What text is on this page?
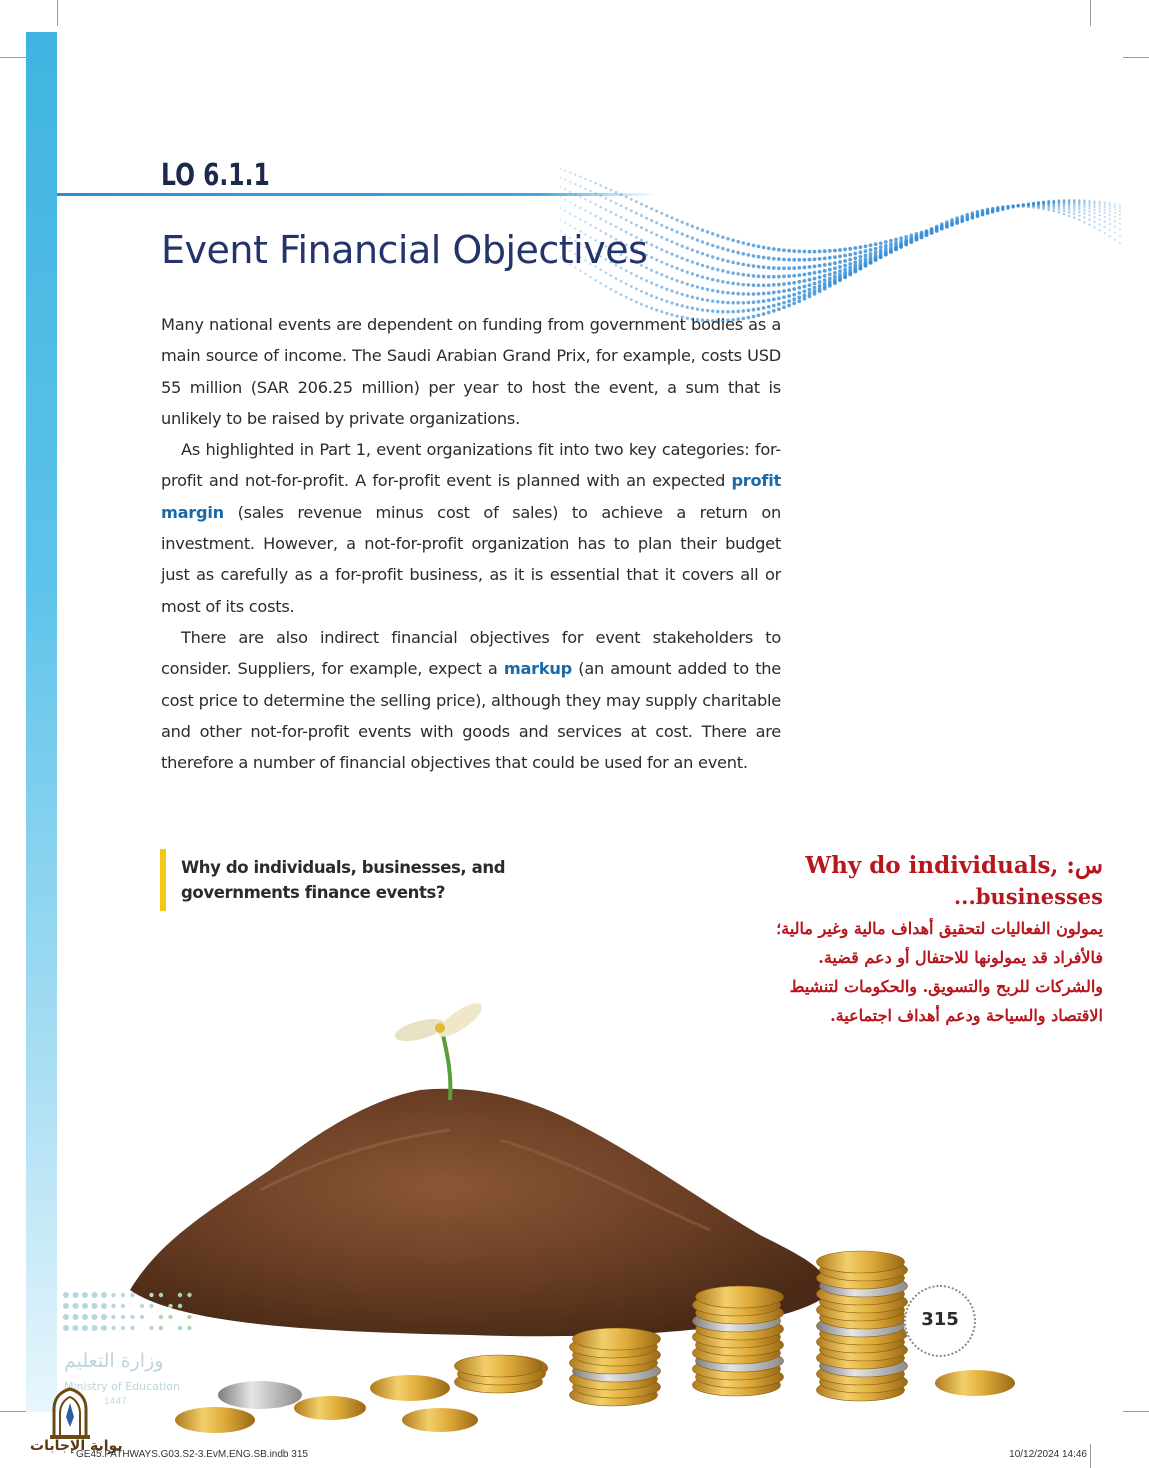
LO 6.1.1
Event Financial Objectives

Many national events are dependent on funding from government bodies as a main source of income. The Saudi Arabian Grand Prix, for example, costs USD 55 million (SAR 206.25 million) per year to host the event, a sum that is unlikely to be raised by private organizations.

As highlighted in Part 1, event organizations fit into two key categories: for-profit and not-for-profit. A for-profit event is planned with an expected profit margin (sales revenue minus cost of sales) to achieve a return on investment. However, a not-for-profit organization has to plan their budget just as carefully as a for-profit business, as it is essential that it covers all or most of its costs.

There are also indirect financial objectives for event stakeholders to consider. Suppliers, for example, expect a markup (an amount added to the cost price to determine the selling price), although they may supply charitable and other not-for-profit events with goods and services at cost. There are therefore a number of financial objectives that could be used for an event.

Why do individuals, businesses, and governments finance events?
Why do individuals, :س
...businesses
يمولون الفعاليات لتحقيق أهداف مالية وغير مالية؛
فالأفراد قد يمولونها للاحتفال أو دعم قضية.
والشركات للربح والتسويق. والحكومات لتنشيط
الاقتصاد والسياحة ودعم أهداف اجتماعية.
315
وزارة التعليم
Ministry of Education
1447
بوابة الإجابات
GE45.PATHWAYS.G03.S2-3.EvM.ENG.SB.indb 315	10/12/2024 14:46
